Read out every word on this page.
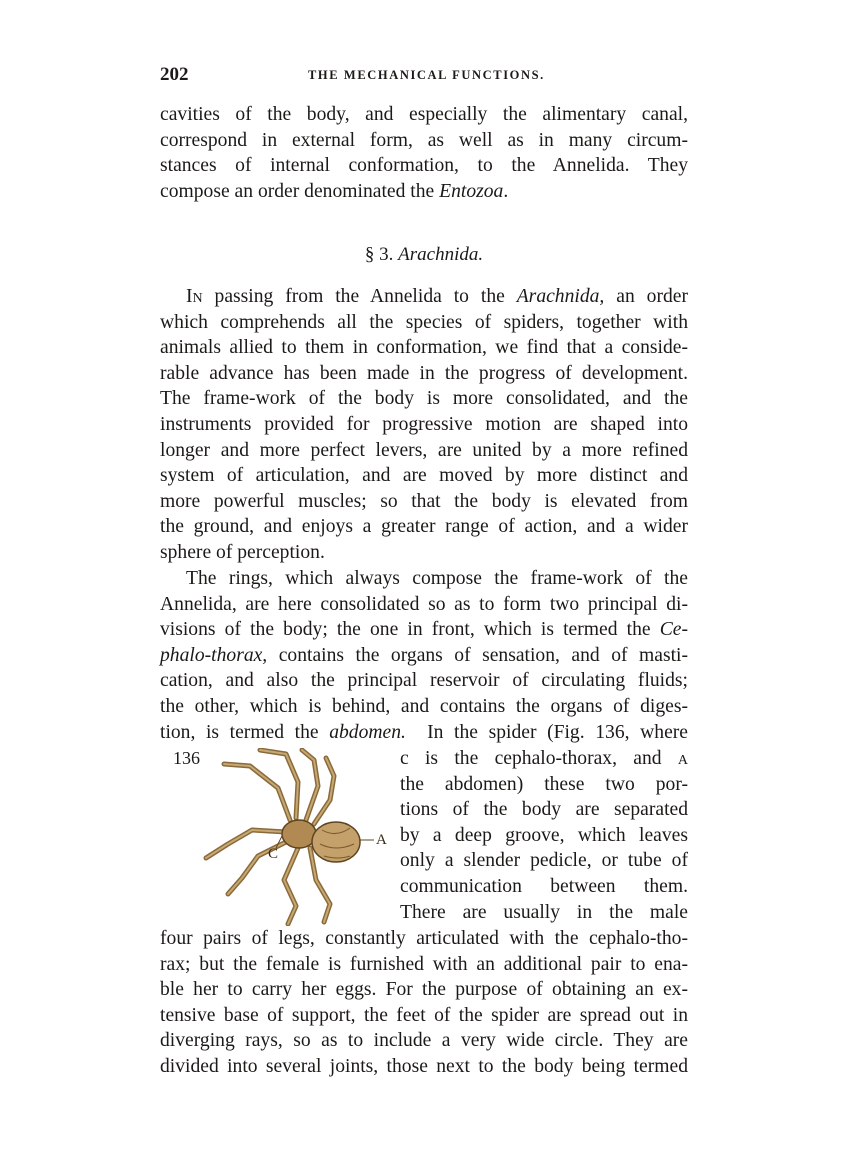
202	THE MECHANICAL FUNCTIONS.
cavities of the body, and especially the alimentary canal,
correspond in external form, as well as in many circum-
stances of internal conformation, to the Annelida. They
compose an order denominated the Entozoa.
§ 3. Arachnida.
In passing from the Annelida to the Arachnida, an order
which comprehends all the species of spiders, together with
animals allied to them in conformation, we find that a conside-
rable advance has been made in the progress of development.
The frame-work of the body is more consolidated, and the
instruments provided for progressive motion are shaped into
longer and more perfect levers, are united by a more refined
system of articulation, and are moved by more distinct and
more powerful muscles; so that the body is elevated from
the ground, and enjoys a greater range of action, and a wider
sphere of perception.
The rings, which always compose the frame-work of the
Annelida, are here consolidated so as to form two principal di-
visions of the body; the one in front, which is termed the Ce-
phalo-thorax, contains the organs of sensation, and of masti-
cation, and also the principal reservoir of circulating fluids;
the other, which is behind, and contains the organs of diges-
tion, is termed the abdomen.  In the spider (Fig. 136, where
136
C
A
c is the cephalo-thorax, and a
the abdomen) these two por-
tions of the body are separated
by a deep groove, which leaves
only a slender pedicle, or tube of
communication between them.
There are usually in the male
four pairs of legs, constantly articulated with the cephalo-tho-
rax; but the female is furnished with an additional pair to ena-
ble her to carry her eggs. For the purpose of obtaining an ex-
tensive base of support, the feet of the spider are spread out in
diverging rays, so as to include a very wide circle. They are
divided into several joints, those next to the body being termed
